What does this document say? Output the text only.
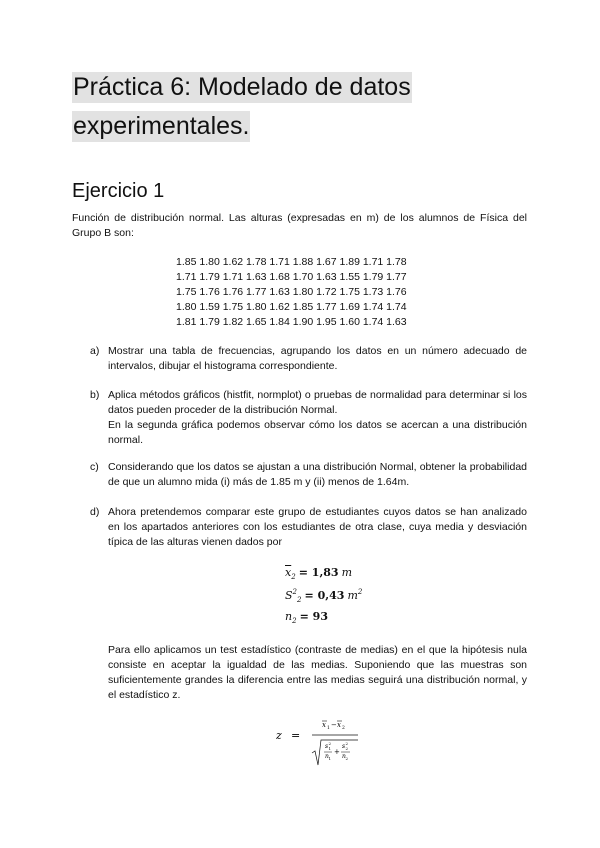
Práctica 6: Modelado de datos
experimentales.
Ejercicio 1
Función de distribución normal. Las alturas (expresadas en m) de los alumnos de Física del Grupo B son:
1.85 1.80 1.62 1.78 1.71 1.88 1.67 1.89 1.71 1.78
1.71 1.79 1.71 1.63 1.68 1.70 1.63 1.55 1.79 1.77
1.75 1.76 1.76 1.77 1.63 1.80 1.72 1.75 1.73 1.76
1.80 1.59 1.75 1.80 1.62 1.85 1.77 1.69 1.74 1.74
1.81 1.79 1.82 1.65 1.84 1.90 1.95 1.60 1.74 1.63
a) Mostrar una tabla de frecuencias, agrupando los datos en un número adecuado de intervalos, dibujar el histograma correspondiente.
b) Aplica métodos gráficos (histfit, normplot) o pruebas de normalidad para determinar si los datos pueden proceder de la distribución Normal.
En la segunda gráfica podemos observar cómo los datos se acercan a una distribución normal.
c) Considerando que los datos se ajustan a una distribución Normal, obtener la probabilidad de que un alumno mida (i) más de 1.85 m y (ii) menos de 1.64m.
d) Ahora pretendemos comparar este grupo de estudiantes cuyos datos se han analizado en los apartados anteriores con los estudiantes de otra clase, cuya media y desviación típica de las alturas vienen dados por
$\overline{x}_2 = 1,83$ m
$S^2_2 = 0,43$ $m^2$
$n_2 = 93$
Para ello aplicamos un test estadístico (contraste de medias) en el que la hipótesis nula consiste en aceptar la igualdad de las medias. Suponiendo que las muestras son suficientemente grandes la diferencia entre las medias seguirá una distribución normal, y el estadístico z.
z =
x 1 − x 2
s 2
1
n 1
+
s 2
2
n 2
